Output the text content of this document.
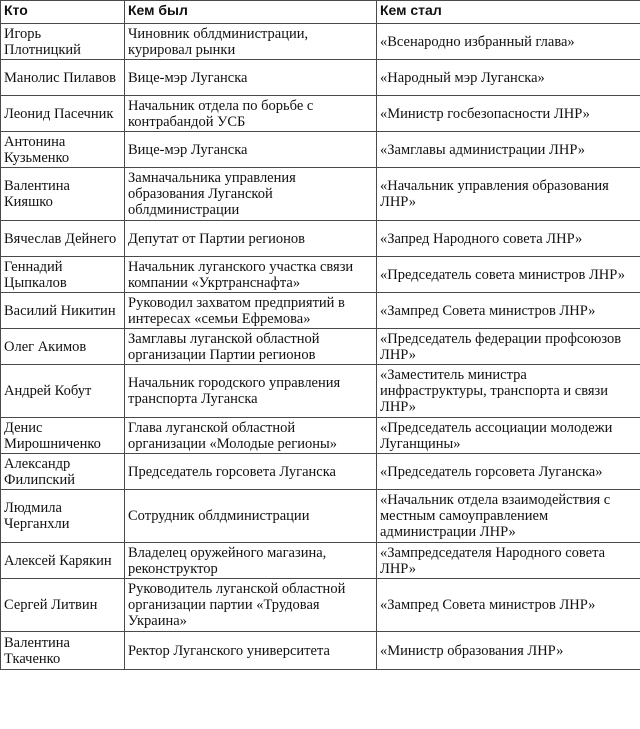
Кто	Кем был	Кем стал
Игорь Плотницкий	Чиновник облдминистрации, курировал рынки	«Всенародно избранный глава»
Манолис Пилавов	Вице-мэр Луганска	«Народный мэр Луганска»
Леонид Пасечник	Начальник отдела по борьбе с контрабандой УСБ	«Министр госбезопасности ЛНР»
Антонина Кузьменко	Вице-мэр Луганска	«Замглавы администрации ЛНР»
Валентина Кияшко	Замначальника управления образования Луганской облдминистрации	«Начальник управления образования ЛНР»
Вячеслав Дейнего	Депутат от Партии регионов	«Запред Народного совета ЛНР»
Геннадий Цыпкалов	Начальник луганского участка связи компании «Укртранснафта»	«Председатель совета министров ЛНР»
Василий Никитин	Руководил захватом предприятий в интересах «семьи Ефремова»	«Зампред Совета министров ЛНР»
Олег Акимов	Замглавы луганской областной организации Партии регионов	«Председатель федерации профсоюзов ЛНР»
Андрей Кобут	Начальник городского управления транспорта Луганска	«Заместитель министра инфраструктуры, транспорта и связи ЛНР»
Денис Мирошниченко	Глава луганской областной организации «Молодые регионы»	«Председатель ассоциации молодежи Луганщины»
Александр Филипский	Председатель горсовета Луганска	«Председатель горсовета Луганска»
Людмила Черганхли	Сотрудник облдминистрации	«Начальник отдела взаимодействия с местным самоуправлением администрации ЛНР»
Алексей Карякин	Владелец оружейного магазина, реконструктор	«Зампредседателя Народного совета ЛНР»
Сергей Литвин	Руководитель луганской областной организации партии «Трудовая Украина»	«Зампред Совета министров ЛНР»
Валентина Ткаченко	Ректор Луганского университета	«Министр образования ЛНР»
